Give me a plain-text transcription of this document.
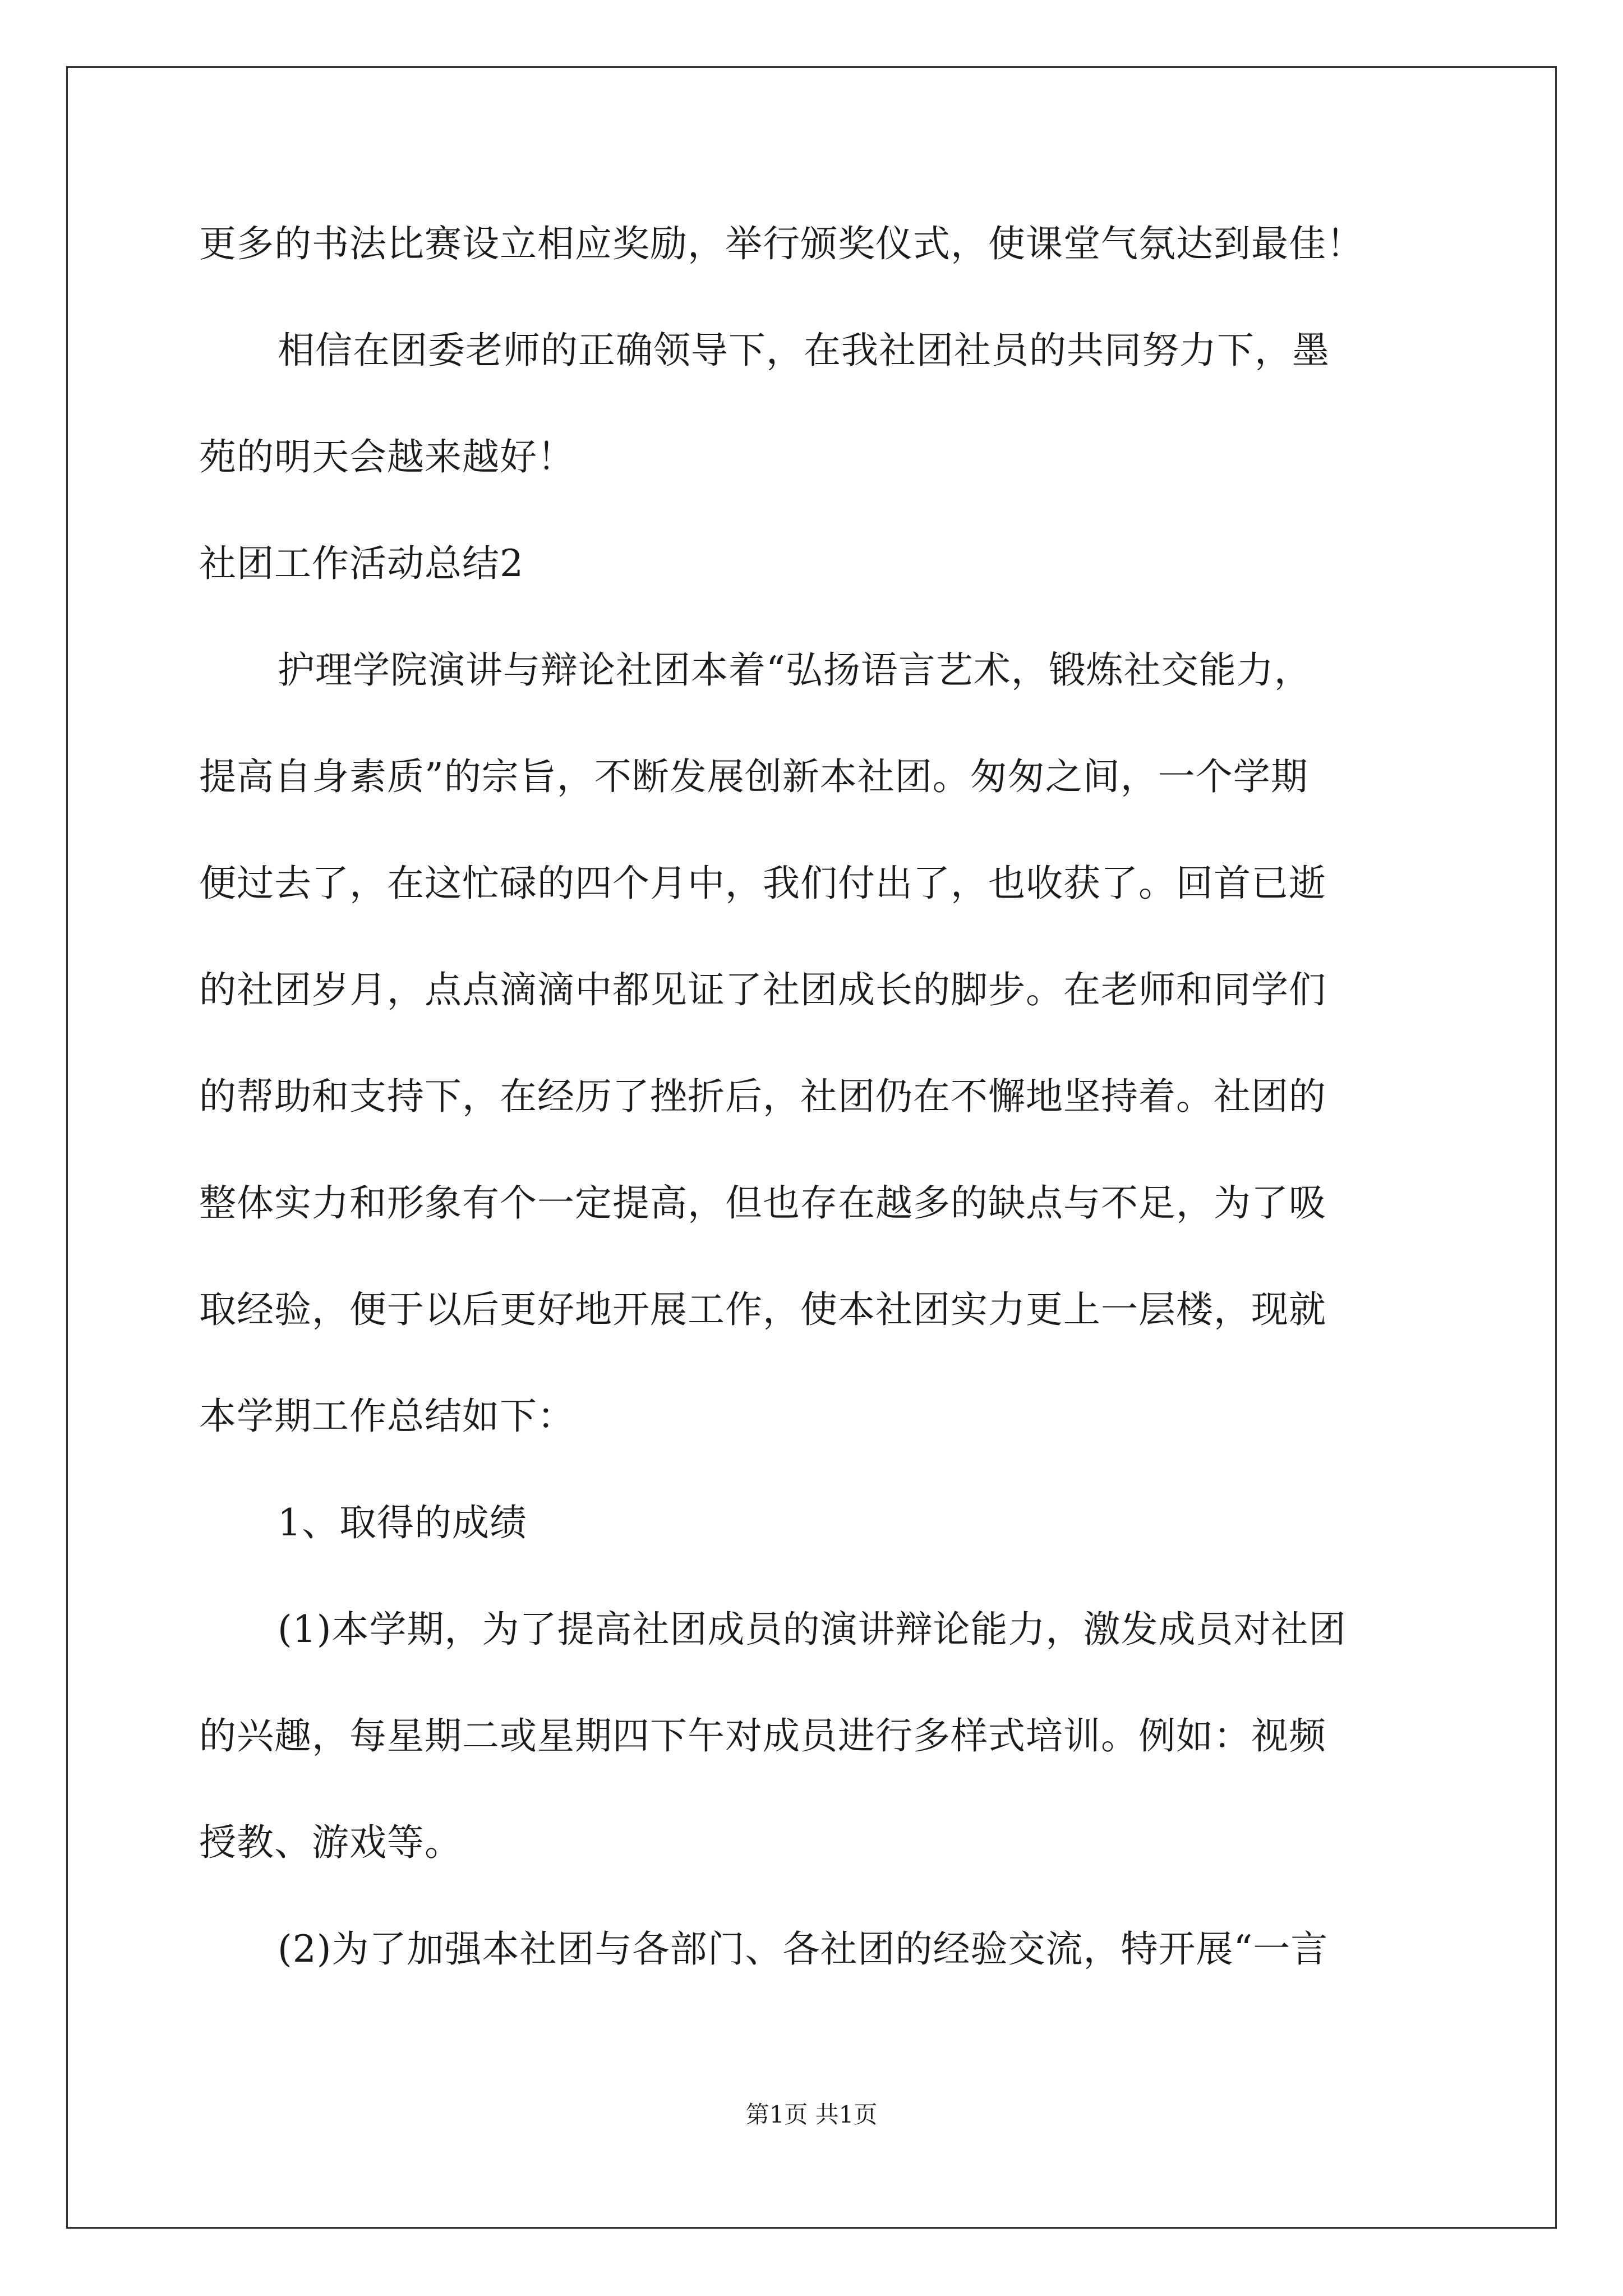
更多的书法比赛设立相应奖励，举行颁奖仪式，使课堂气氛达到最佳！
相信在团委老师的正确领导下，在我社团社员的共同努力下，墨
苑的明天会越来越好！
社团工作活动总结2
护理学院演讲与辩论社团本着“弘扬语言艺术，锻炼社交能力，
提高自身素质”的宗旨，不断发展创新本社团。匆匆之间，一个学期
便过去了，在这忙碌的四个月中，我们付出了，也收获了。回首已逝
的社团岁月，点点滴滴中都见证了社团成长的脚步。在老师和同学们
的帮助和支持下，在经历了挫折后，社团仍在不懈地坚持着。社团的
整体实力和形象有个一定提高，但也存在越多的缺点与不足，为了吸
取经验，便于以后更好地开展工作，使本社团实力更上一层楼，现就
本学期工作总结如下：
1、取得的成绩
(1)本学期，为了提高社团成员的演讲辩论能力，激发成员对社团
的兴趣，每星期二或星期四下午对成员进行多样式培训。例如：视频
授教、游戏等。
(2)为了加强本社团与各部门、各社团的经验交流，特开展“一言
第1页 共1页
